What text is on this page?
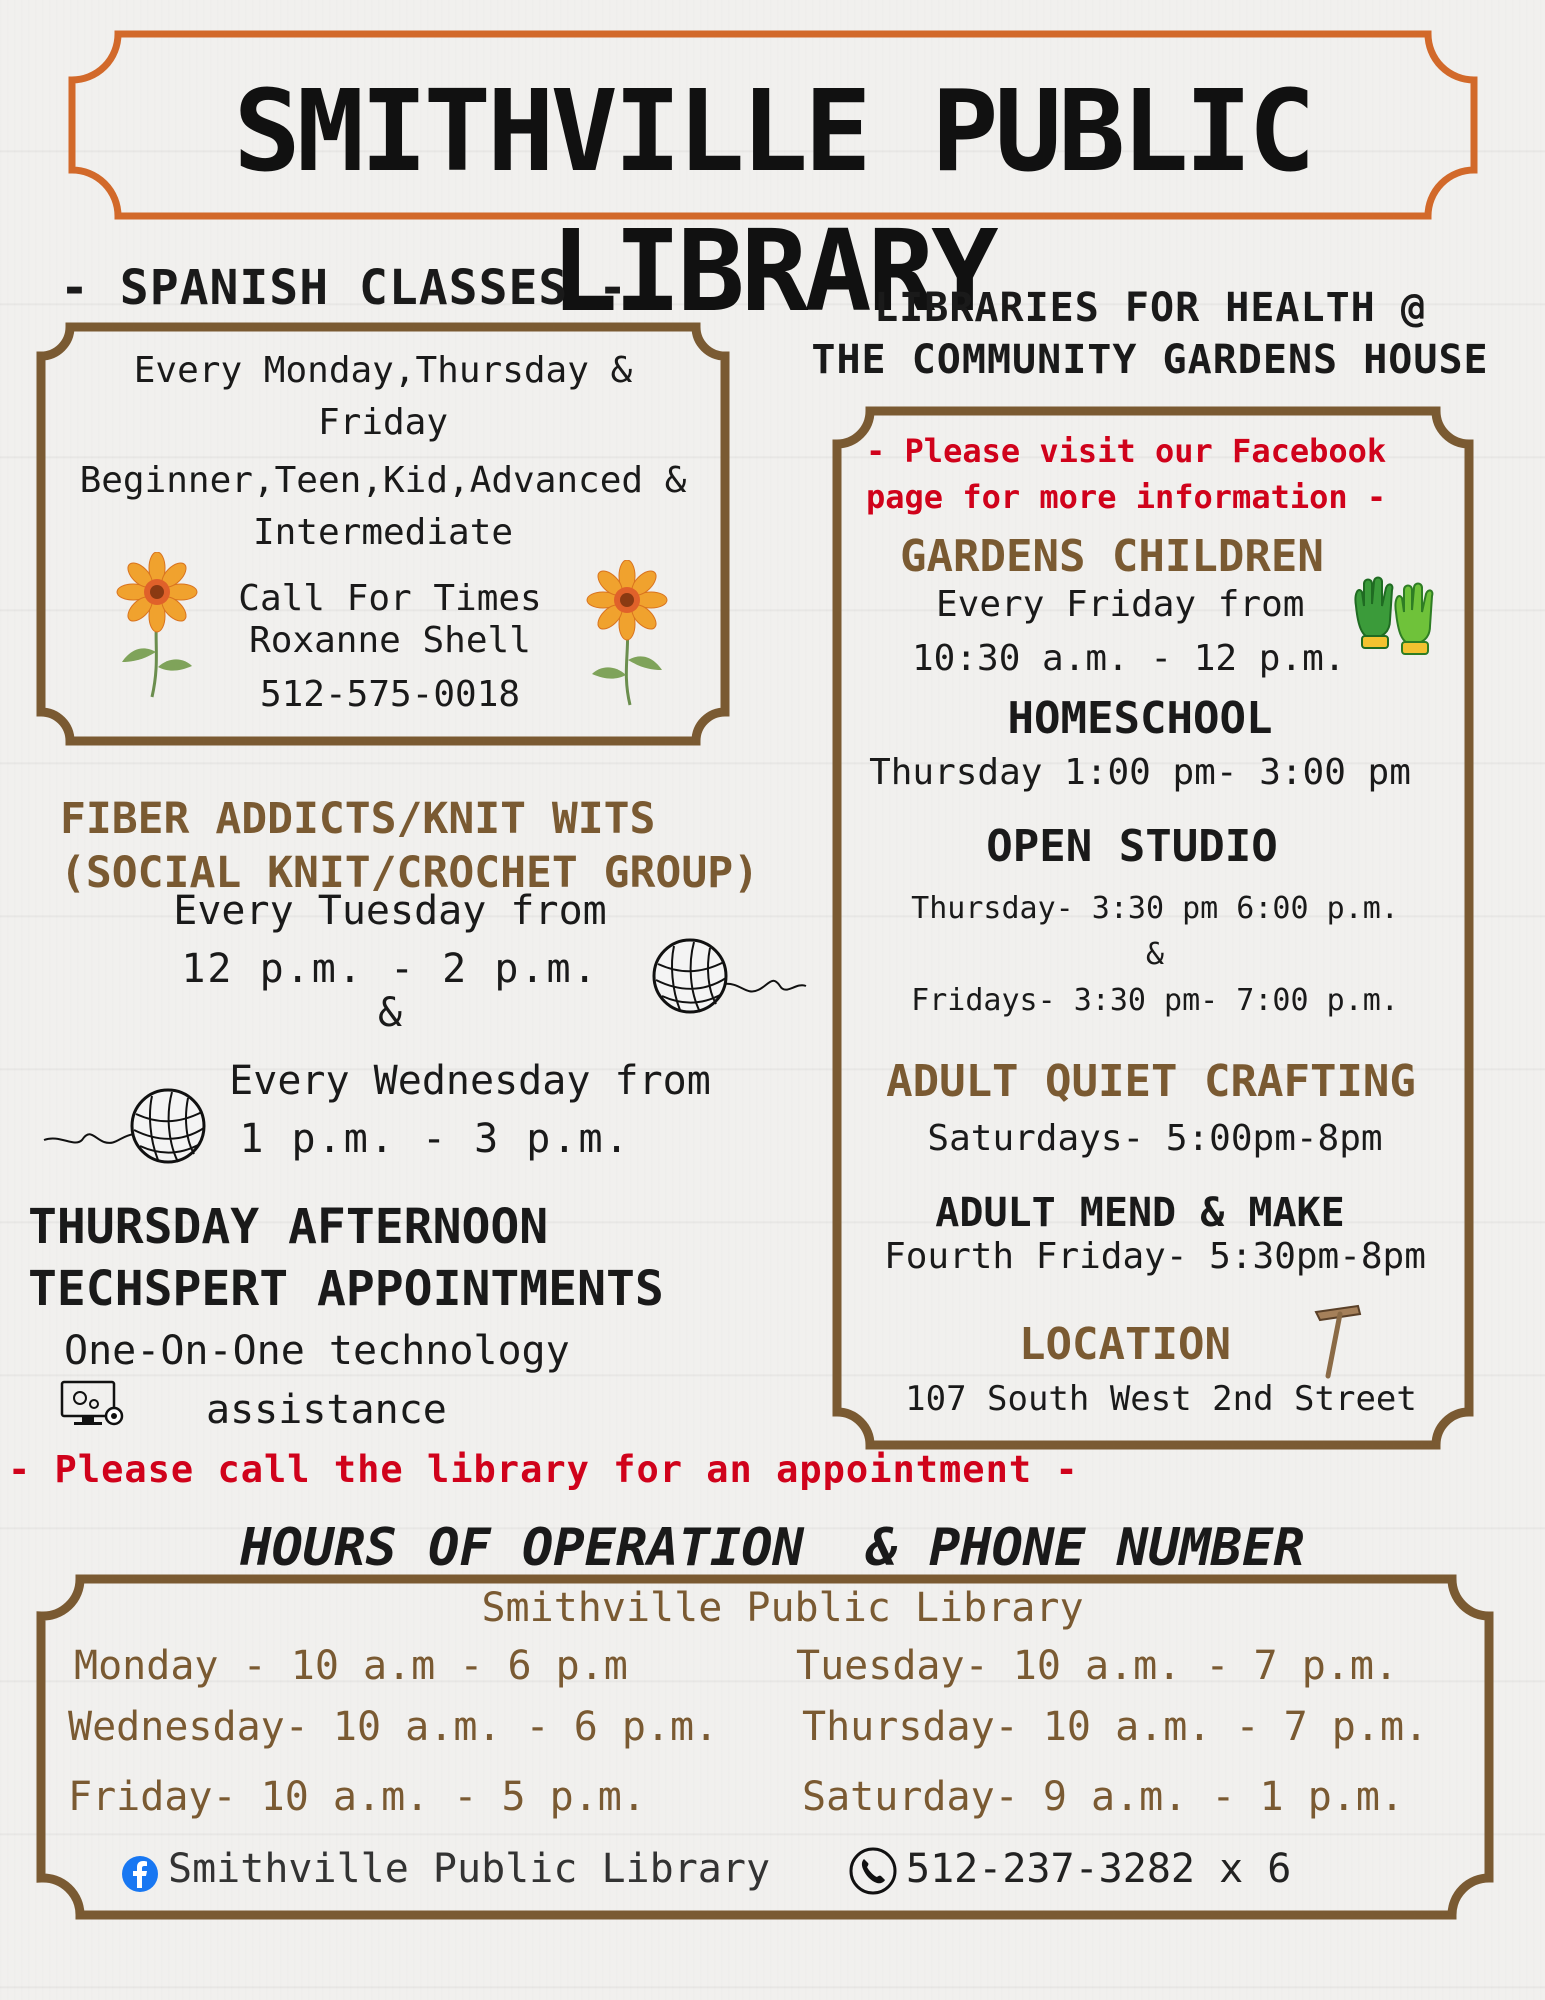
SMITHVILLE PUBLIC LIBRARY
- SPANISH CLASSES -
Every Monday,Thursday &
Friday
Beginner,Teen,Kid,Advanced &
Intermediate
Call For Times
Roxanne Shell
512-575-0018
FIBER ADDICTS/KNIT WITS
(SOCIAL KNIT/CROCHET GROUP)
Every Tuesday from
12 p.m. - 2 p.m.
&
Every Wednesday from
1 p.m. - 3 p.m.
THURSDAY AFTERNOON
TECHSPERT APPOINTMENTS
One-On-One technology
assistance
- Please call the library for an appointment -
LIBRARIES FOR HEALTH @
THE COMMUNITY GARDENS HOUSE
- Please visit our Facebook
page for more information -
GARDENS CHILDREN
Every Friday from
10:30 a.m. - 12 p.m.
HOMESCHOOL
Thursday 1:00 pm- 3:00 pm
OPEN STUDIO
Thursday- 3:30 pm 6:00 p.m.
&
Fridays- 3:30 pm- 7:00 p.m.
ADULT QUIET CRAFTING
Saturdays- 5:00pm-8pm
ADULT MEND & MAKE
Fourth Friday- 5:30pm-8pm
LOCATION
107 South West 2nd Street
HOURS OF OPERATION  & PHONE NUMBER
Smithville Public Library
Monday - 10 a.m - 6 p.m	Tuesday- 10 a.m. - 7 p.m.
Wednesday- 10 a.m. - 6 p.m.	Thursday- 10 a.m. - 7 p.m.
Friday- 10 a.m. - 5 p.m.	Saturday- 9 a.m. - 1 p.m.
Smithville Public Library	512-237-3282 x 6
